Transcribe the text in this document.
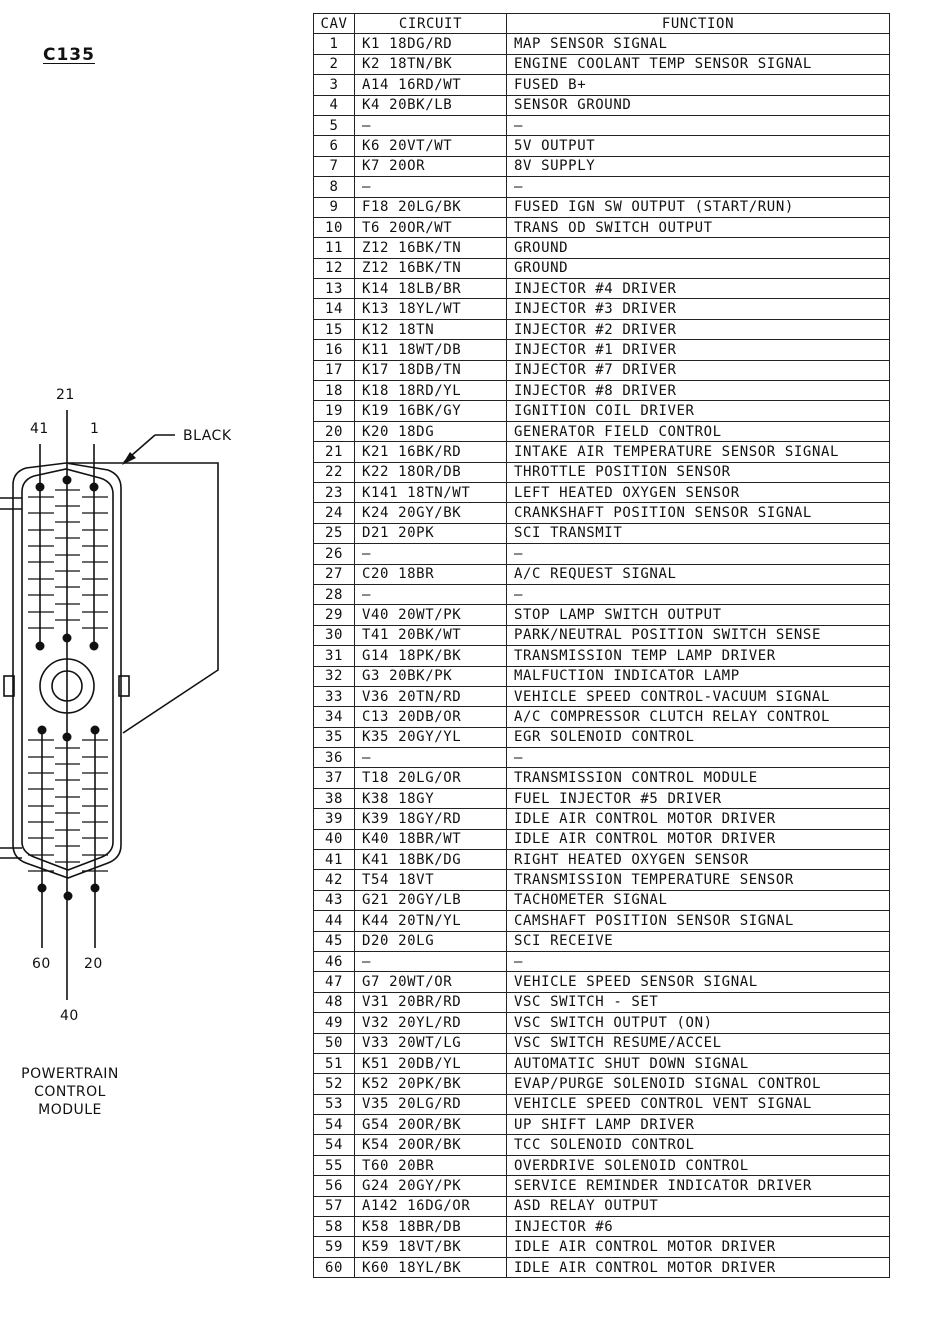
C135
21
41	1	BLACK
60 20
40
POWERTRAIN
CONTROL
MODULE
CAV	CIRCUIT	FUNCTION
1	K1 18DG/RD	MAP SENSOR SIGNAL
2	K2 18TN/BK	ENGINE COOLANT TEMP SENSOR SIGNAL
3	A14 16RD/WT	FUSED B+
4	K4 20BK/LB	SENSOR GROUND
5	—	—
6	K6 20VT/WT	5V OUTPUT
7	K7 20OR	8V SUPPLY
8	—	—
9	F18 20LG/BK	FUSED IGN SW OUTPUT (START/RUN)
10	T6 20OR/WT	TRANS OD SWITCH OUTPUT
11	Z12 16BK/TN	GROUND
12	Z12 16BK/TN	GROUND
13	K14 18LB/BR	INJECTOR #4 DRIVER
14	K13 18YL/WT	INJECTOR #3 DRIVER
15	K12 18TN	INJECTOR #2 DRIVER
16	K11 18WT/DB	INJECTOR #1 DRIVER
17	K17 18DB/TN	INJECTOR #7 DRIVER
18	K18 18RD/YL	INJECTOR #8 DRIVER
19	K19 16BK/GY	IGNITION COIL DRIVER
20	K20 18DG	GENERATOR FIELD CONTROL
21	K21 16BK/RD	INTAKE AIR TEMPERATURE SENSOR SIGNAL
22	K22 18OR/DB	THROTTLE POSITION SENSOR
23	K141 18TN/WT	LEFT HEATED OXYGEN SENSOR
24	K24 20GY/BK	CRANKSHAFT POSITION SENSOR SIGNAL
25	D21 20PK	SCI TRANSMIT
26	—	—
27	C20 18BR	A/C REQUEST SIGNAL
28	—	—
29	V40 20WT/PK	STOP LAMP SWITCH OUTPUT
30	T41 20BK/WT	PARK/NEUTRAL POSITION SWITCH SENSE
31	G14 18PK/BK	TRANSMISSION TEMP LAMP DRIVER
32	G3 20BK/PK	MALFUCTION INDICATOR LAMP
33	V36 20TN/RD	VEHICLE SPEED CONTROL-VACUUM SIGNAL
34	C13 20DB/OR	A/C COMPRESSOR CLUTCH RELAY CONTROL
35	K35 20GY/YL	EGR SOLENOID CONTROL
36	—	—
37	T18 20LG/OR	TRANSMISSION CONTROL MODULE
38	K38 18GY	FUEL INJECTOR #5 DRIVER
39	K39 18GY/RD	IDLE AIR CONTROL MOTOR DRIVER
40	K40 18BR/WT	IDLE AIR CONTROL MOTOR DRIVER
41	K41 18BK/DG	RIGHT HEATED OXYGEN SENSOR
42	T54 18VT	TRANSMISSION TEMPERATURE SENSOR
43	G21 20GY/LB	TACHOMETER SIGNAL
44	K44 20TN/YL	CAMSHAFT POSITION SENSOR SIGNAL
45	D20 20LG	SCI RECEIVE
46	—	—
47	G7 20WT/OR	VEHICLE SPEED SENSOR SIGNAL
48	V31 20BR/RD	VSC SWITCH - SET
49	V32 20YL/RD	VSC SWITCH OUTPUT (ON)
50	V33 20WT/LG	VSC SWITCH RESUME/ACCEL
51	K51 20DB/YL	AUTOMATIC SHUT DOWN SIGNAL
52	K52 20PK/BK	EVAP/PURGE SOLENOID SIGNAL CONTROL
53	V35 20LG/RD	VEHICLE SPEED CONTROL VENT SIGNAL
54	G54 20OR/BK	UP SHIFT LAMP DRIVER
54	K54 20OR/BK	TCC SOLENOID CONTROL
55	T60 20BR	OVERDRIVE SOLENOID CONTROL
56	G24 20GY/PK	SERVICE REMINDER INDICATOR DRIVER
57	A142 16DG/OR	ASD RELAY OUTPUT
58	K58 18BR/DB	INJECTOR #6
59	K59 18VT/BK	IDLE AIR CONTROL MOTOR DRIVER
60	K60 18YL/BK	IDLE AIR CONTROL MOTOR DRIVER
